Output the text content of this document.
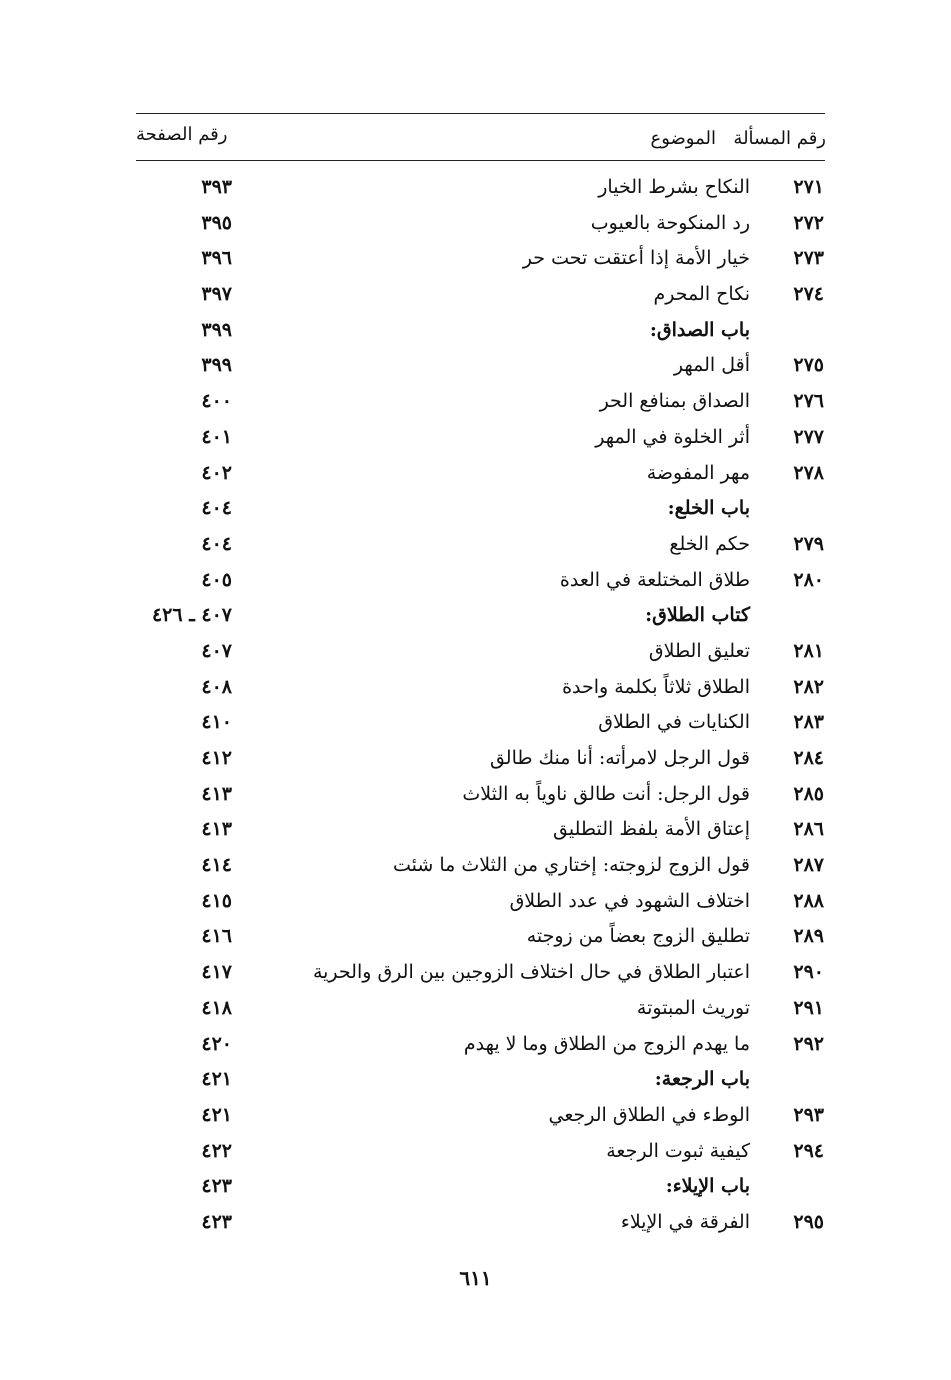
رقم المسألة
الموضوع
رقم الصفحة
٢٧١
النكاح بشرط الخيار
٣٩٣
٢٧٢
رد المنكوحة بالعيوب
٣٩٥
٢٧٣
خيار الأمة إذا أعتقت تحت حر
٣٩٦
٢٧٤
نكاح المحرم
٣٩٧
باب الصداق:
٣٩٩
٢٧٥
أقل المهر
٣٩٩
٢٧٦
الصداق بمنافع الحر
٤٠٠
٢٧٧
أثر الخلوة في المهر
٤٠١
٢٧٨
مهر المفوضة
٤٠٢
باب الخلع:
٤٠٤
٢٧٩
حكم الخلع
٤٠٤
٢٨٠
طلاق المختلعة في العدة
٤٠٥
كتاب الطلاق:
٤٠٧ ـ ٤٢٦
٢٨١
تعليق الطلاق
٤٠٧
٢٨٢
الطلاق ثلاثاً بكلمة واحدة
٤٠٨
٢٨٣
الكنايات في الطلاق
٤١٠
٢٨٤
قول الرجل لامرأته: أنا منك طالق
٤١٢
٢٨٥
قول الرجل: أنت طالق ناوياً به الثلاث
٤١٣
٢٨٦
إعتاق الأمة بلفظ التطليق
٤١٣
٢٨٧
قول الزوج لزوجته: إختاري من الثلاث ما شئت
٤١٤
٢٨٨
اختلاف الشهود في عدد الطلاق
٤١٥
٢٨٩
تطليق الزوج بعضاً من زوجته
٤١٦
٢٩٠
اعتبار الطلاق في حال اختلاف الزوجين بين الرق والحرية
٤١٧
٢٩١
توريث المبتوتة
٤١٨
٢٩٢
ما يهدم الزوج من الطلاق وما لا يهدم
٤٢٠
باب الرجعة:
٤٢١
٢٩٣
الوطء في الطلاق الرجعي
٤٢١
٢٩٤
كيفية ثبوت الرجعة
٤٢٢
باب الإيلاء:
٤٢٣
٢٩٥
الفرقة في الإيلاء
٤٢٣
٦١١
